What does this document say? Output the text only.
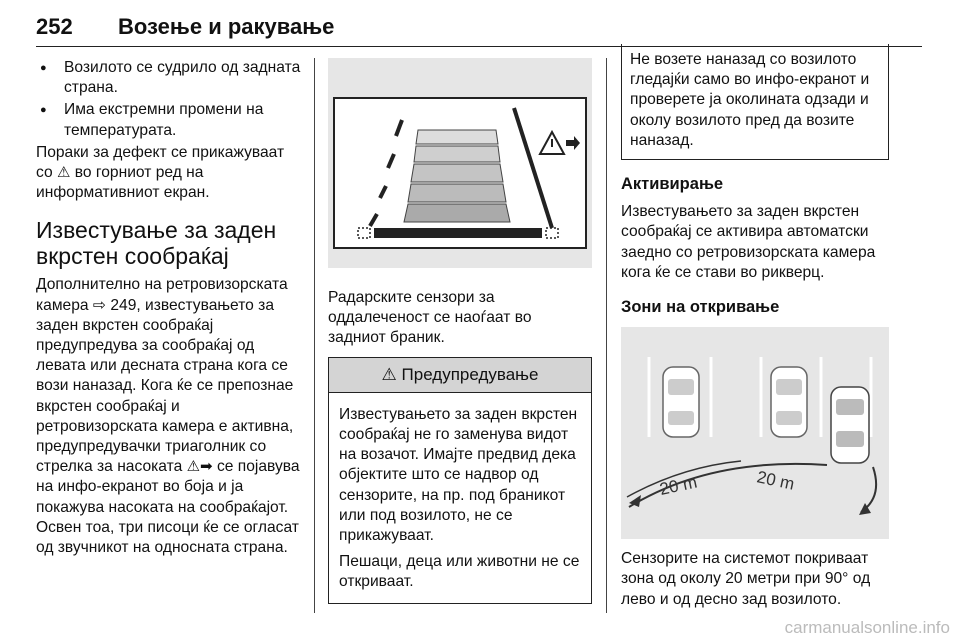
252 Возење и ракување
● Возилото се судрило од задната страна.
● Има екстремни промени на температурата.

Пораки за дефект се прикажуваат со ⚠ во горниот ред на информативниот екран.

Известување за заден вкрстен сообраќај

Дополнително на ретровизорската камера ⇨ 249, известувањето за заден вкрстен сообраќај предупредува за сообраќај од левата или десната страна кога се вози наназад. Кога ќе се препознае вкрстен сообраќај и ретровизорската камера е активна, предупредувачки триаголник со стрелка за насоката ⚠➡ се појавува на инфо-екранот во боја и ја покажува насоката на сообраќајот. Освен тоа, три писоци ќе се огласат од звучникот на односната страна.

Радарските сензори за оддалеченост се наоѓаат во задниот браник.

⚠ Предупредување

Известувањето за заден вкрстен сообраќај не го заменува видот на возачот. Имајте предвид дека објектите што се надвор од сензорите, на пр. под браникот или под возилото, не се прикажуваат.

Пешаци, деца или животни не се откриваат.

Не возете наназад со возилото гледајќи само во инфо-екранот и проверете ја околината одзади и околу возилото пред да возите наназад.

Активирање

Известувањето за заден вкрстен сообраќај се активира автоматски заедно со ретровизорската камера кога ќе се стави во рикверц.

Зони на откривање
20 m	20 m

Сензорите на системот покриваат зона од околу 20 метри при 90° од лево и од десно зад возилото.

carmanualsonline.info
